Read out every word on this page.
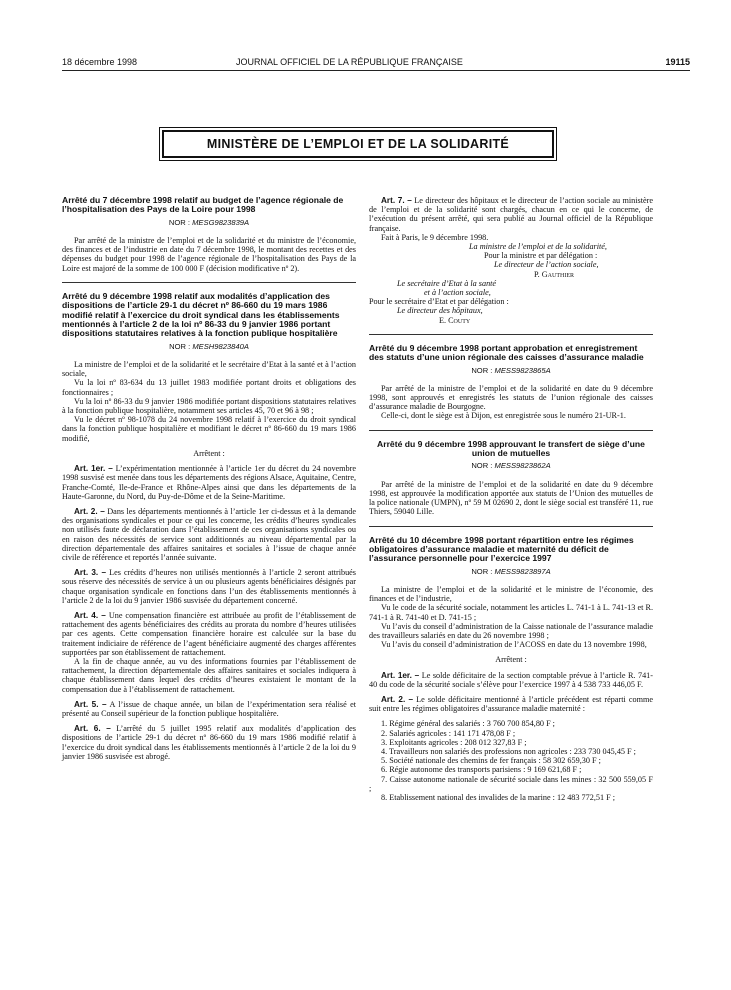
18 décembre 1998	JOURNAL OFFICIEL DE LA RÉPUBLIQUE FRANÇAISE	19115
MINISTÈRE DE L’EMPLOI ET DE LA SOLIDARITÉ
Arrêté du 7 décembre 1998 relatif au budget de l’agence régionale de l’hospitalisation des Pays de la Loire pour 1998
NOR : MESG9823839A

Par arrêté de la ministre de l’emploi et de la solidarité et du ministre de l’économie, des finances et de l’industrie en date du 7 décembre 1998, le montant des recettes et des dépenses du budget pour 1998 de l’agence régionale de l’hospitalisation des Pays de la Loire est majoré de la somme de 100 000 F (décision modificative nº 2).

Arrêté du 9 décembre 1998 relatif aux modalités d’application des dispositions de l’article 29-1 du décret nº 86-660 du 19 mars 1986 modifié relatif à l’exercice du droit syndical dans les établissements mentionnés à l’article 2 de la loi nº 86-33 du 9 janvier 1986 portant dispositions statutaires relatives à la fonction publique hospitalière
NOR : MESH9823840A

La ministre de l’emploi et de la solidarité et le secrétaire d’Etat à la santé et à l’action sociale,

Vu la loi nº 83-634 du 13 juillet 1983 modifiée portant droits et obligations des fonctionnaires ;

Vu la loi nº 86-33 du 9 janvier 1986 modifiée portant dispositions statutaires relatives à la fonction publique hospitalière, notamment ses articles 45, 70 et 96 à 98 ;

Vu le décret nº 98-1078 du 24 novembre 1998 relatif à l’exercice du droit syndical dans la fonction publique hospitalière et modifiant le décret nº 86-660 du 19 mars 1986 modifié,

Arrêtent :

Art. 1er. – L’expérimentation mentionnée à l’article 1er du décret du 24 novembre 1998 susvisé est menée dans tous les départements des régions Alsace, Aquitaine, Centre, Franche-Comté, Ile-de-France et Rhône-Alpes ainsi que dans les départements de la Haute-Garonne, du Nord, du Puy-de-Dôme et de la Seine-Maritime.

Art. 2. – Dans les départements mentionnés à l’article 1er ci-dessus et à la demande des organisations syndicales et pour ce qui les concerne, les crédits d’heures syndicales non utilisés faute de déclaration dans l’établissement de ces organisations syndicales ou en raison des nécessités de service sont additionnés au niveau départemental par la direction départementale des affaires sanitaires et sociales à l’issue de chaque année civile de référence et reportés l’année suivante.

Art. 3. – Les crédits d’heures non utilisés mentionnés à l’article 2 seront attribués sous réserve des nécessités de service à un ou plusieurs agents bénéficiaires désignés par chaque organisation syndicale en fonctions dans l’un des établissements mentionnés à l’article 2 de la loi du 9 janvier 1986 susvisée du département concerné.

Art. 4. – Une compensation financière est attribuée au profit de l’établissement de rattachement des agents bénéficiaires des crédits au prorata du nombre d’heures utilisées par ces agents. Cette compensation financière horaire est calculée sur la base du traitement indiciaire de référence de l’agent bénéficiaire augmenté des charges afférentes supportées par son établissement de rattachement.

A la fin de chaque année, au vu des informations fournies par l’établissement de rattachement, la direction départementale des affaires sanitaires et sociales indiquera à chaque établissement dans lequel des crédits d’heures existaient le montant de la compensation due à l’établissement de rattachement.

Art. 5. – A l’issue de chaque année, un bilan de l’expérimentation sera réalisé et présenté au Conseil supérieur de la fonction publique hospitalière.

Art. 6. – L’arrêté du 5 juillet 1995 relatif aux modalités d’application des dispositions de l’article 29-1 du décret nº 86-660 du 19 mars 1986 modifié relatif à l’exercice du droit syndical dans les établissements mentionnés à l’article 2 de la loi du 9 janvier 1986 susvisée est abrogé.

Art. 7. – Le directeur des hôpitaux et le directeur de l’action sociale au ministère de l’emploi et de la solidarité sont chargés, chacun en ce qui le concerne, de l’exécution du présent arrêté, qui sera publié au Journal officiel de la République française.

Fait à Paris, le 9 décembre 1998.

La ministre de l’emploi et de la solidarité,

Pour la ministre et par délégation :

Le directeur de l’action sociale,

P. Gauthier

Le secrétaire d’Etat à la santé

et à l’action sociale,

Pour le secrétaire d’Etat et par délégation :

Le directeur des hôpitaux,

E. Couty

Arrêté du 9 décembre 1998 portant approbation et enregistrement des statuts d’une union régionale des caisses d’assurance maladie
NOR : MESS9823865A

Par arrêté de la ministre de l’emploi et de la solidarité en date du 9 décembre 1998, sont approuvés et enregistrés les statuts de l’union régionale des caisses d’assurance maladie de Bourgogne.

Celle-ci, dont le siège est à Dijon, est enregistrée sous le numéro 21-UR-1.

Arrêté du 9 décembre 1998 approuvant le transfert de siège d’une union de mutuelles
NOR : MESS9823862A

Par arrêté de la ministre de l’emploi et de la solidarité en date du 9 décembre 1998, est approuvée la modification apportée aux statuts de l’Union des mutuelles de la police nationale (UMPN), nº 59 M 02690 2, dont le siège social est transféré 11, rue Thiers, 59040 Lille.

Arrêté du 10 décembre 1998 portant répartition entre les régimes obligatoires d’assurance maladie et maternité du déficit de l’assurance personnelle pour l’exercice 1997
NOR : MESS9823897A

La ministre de l’emploi et de la solidarité et le ministre de l’économie, des finances et de l’industrie,

Vu le code de la sécurité sociale, notamment les articles L. 741-1 à L. 741-13 et R. 741-1 à R. 741-40 et D. 741-15 ;

Vu l’avis du conseil d’administration de la Caisse nationale de l’assurance maladie des travailleurs salariés en date du 26 novembre 1998 ;

Vu l’avis du conseil d’administration de l’ACOSS en date du 13 novembre 1998,

Arrêtent :

Art. 1er. – Le solde déficitaire de la section comptable prévue à l’article R. 741-40 du code de la sécurité sociale s’élève pour l’exercice 1997 à 4 538 733 446,05 F.

Art. 2. – Le solde déficitaire mentionné à l’article précédent est réparti comme suit entre les régimes obligatoires d’assurance maladie maternité :

1. Régime général des salariés : 3 760 700 854,80 F ;

2. Salariés agricoles : 141 171 478,08 F ;

3. Exploitants agricoles : 208 012 327,83 F ;

4. Travailleurs non salariés des professions non agricoles : 233 730 045,45 F ;

5. Société nationale des chemins de fer français : 58 302 659,30 F ;

6. Régie autonome des transports parisiens : 9 169 621,68 F ;

7. Caisse autonome nationale de sécurité sociale dans les mines : 32 500 559,05 F ;

8. Etablissement national des invalides de la marine : 12 483 772,51 F ;
